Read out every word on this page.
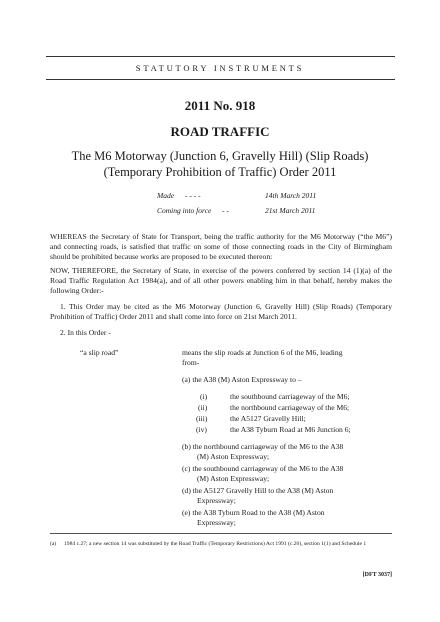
STATUTORY INSTRUMENTS
2011 No. 918
ROAD TRAFFIC
The M6 Motorway (Junction 6, Gravelly Hill) (Slip Roads)
(Temporary Prohibition of Traffic) Order 2011
Made - - - -	14th March 2011
Coming into force - -	21st March 2011
WHEREAS the Secretary of State for Transport, being the traffic authority for the M6 Motorway (“the M6”) and connecting roads, is satisfied that traffic on some of those connecting roads in the City of Birmingham should be prohibited because works are proposed to be executed thereon:
NOW, THEREFORE, the Secretary of State, in exercise of the powers conferred by section 14 (1)(a) of the Road Traffic Regulation Act 1984(a), and of all other powers enabling him in that behalf, hereby makes the following Order:-
1. This Order may be cited as the M6 Motorway (Junction 6, Gravelly Hill) (Slip Roads) (Temporary Prohibition of Traffic) Order 2011 and shall come into force on 21st March 2011.
2. In this Order -
“a slip road”	means the slip roads at Junction 6 of the M6, leading
from-
(a) the A38 (M) Aston Expressway to –
(i)	the southbound carriageway of the M6;
(ii)	the northbound carriageway of the M6;
(iii)	the A5127 Gravelly Hill;
(iv)	the A38 Tyburn Road at M6 Junction 6;
(b) the northbound carriageway of the M6 to the A38
(M) Aston Expressway;
(c) the southbound carriageway of the M6 to the A38
(M) Aston Expressway;
(d) the A5127 Gravelly Hill to the A38 (M) Aston
Expressway;
(e) the A38 Tyburn Road to the A38 (M) Aston
Expressway;
(a) 1984 c.27; a new section 14 was substituted by the Road Traffic (Temporary Restrictions) Act 1991 (c.26), section 1(1) and Schedule 1
[DFT 3037]
